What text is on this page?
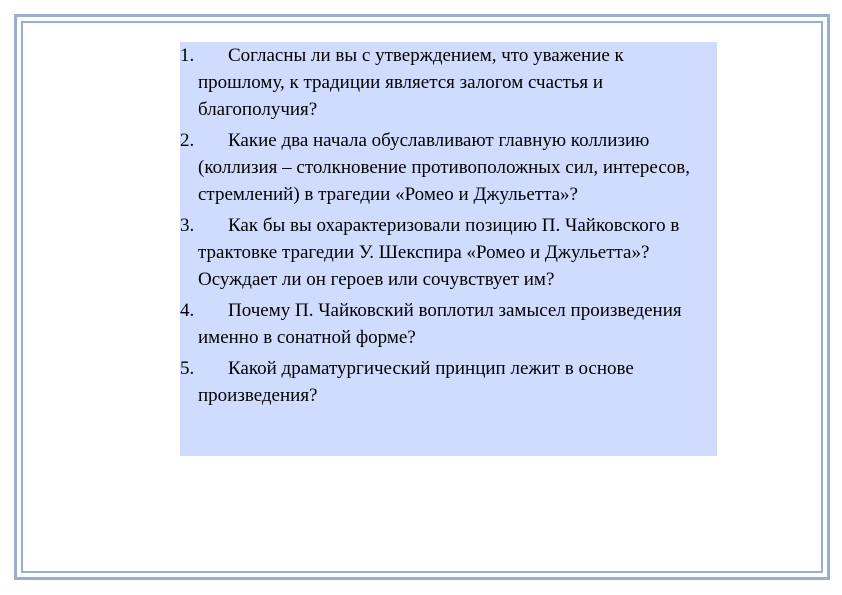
1. Согласны ли вы с утверждением, что уважение к прошлому, к традиции является залогом счастья и благополучия?
2. Какие два начала обуславливают главную коллизию (коллизия – столкновение противоположных сил, интересов, стремлений) в трагедии «Ромео и Джульетта»?
3. Как бы вы охарактеризовали позицию П. Чайковского в трактовке трагедии У. Шекспира «Ромео и Джульетта»? Осуждает ли он героев или сочувствует им?
4. Почему П. Чайковский воплотил замысел произведения именно в сонатной форме?
5. Какой драматургический принцип лежит в основе произведения?
